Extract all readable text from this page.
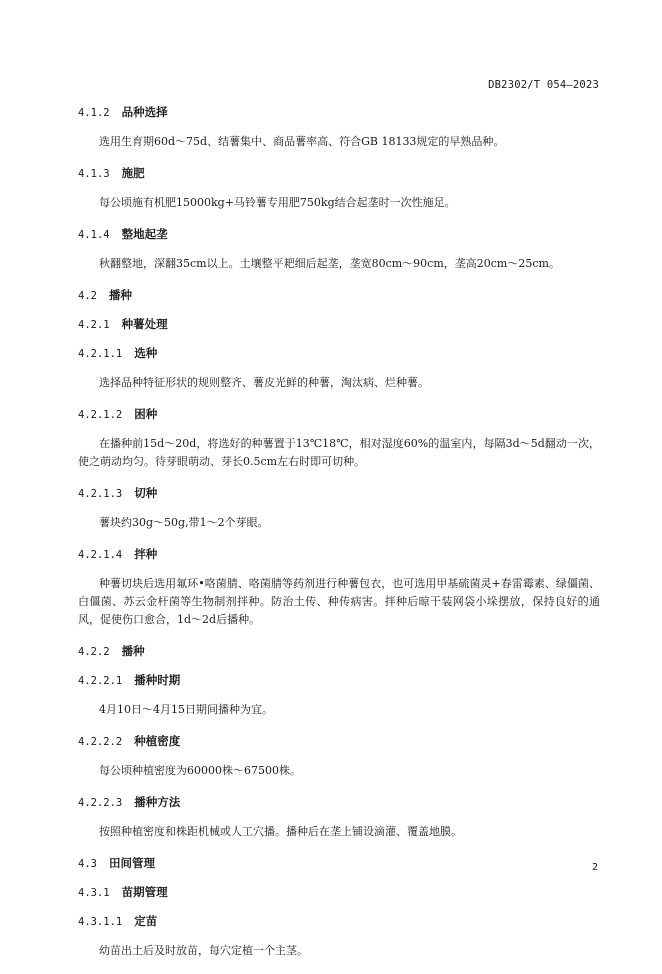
DB2302/T 054—2023
4.1.2 品种选择

选用生育期60d～75d、结薯集中、商品薯率高、符合GB 18133规定的早熟品种。

4.1.3 施肥

每公顷施有机肥15000kg+马铃薯专用肥750kg结合起垄时一次性施足。

4.1.4 整地起垄

秋翻整地，深翻35cm以上。土壤整平耙细后起垄，垄宽80cm～90cm，垄高20cm～25cm。

4.2 播种
4.2.1 种薯处理
4.2.1.1 选种

选择品种特征形状的规则整齐、薯皮光鲜的种薯，淘汰病、烂种薯。

4.2.1.2 困种

在播种前15d～20d，将选好的种薯置于13℃18℃，相对湿度60%的温室内，每隔3d～5d翻动一次，使之萌动均匀。待芽眼萌动、芽长0.5cm左右时即可切种。

4.2.1.3 切种

薯块约30g～50g,带1～2个芽眼。

4.2.1.4 拌种

种薯切块后选用氟环•咯菌腈、咯菌腈等药剂进行种薯包衣，也可选用甲基硫菌灵+春雷霉素、绿僵菌、白僵菌、苏云金杆菌等生物制剂拌种。防治土传、种传病害。拌种后晾干装网袋小垛摆放，保持良好的通风，促使伤口愈合，1d～2d后播种。

4.2.2 播种
4.2.2.1 播种时期

4月10日～4月15日期间播种为宜。

4.2.2.2 种植密度

每公顷种植密度为60000株～67500株。

4.2.2.3 播种方法

按照种植密度和株距机械或人工穴播。播种后在垄上铺设滴灌、覆盖地膜。

4.3 田间管理
4.3.1 苗期管理
4.3.1.1 定苗

幼苗出土后及时放苗，每穴定植一个主茎。

2
